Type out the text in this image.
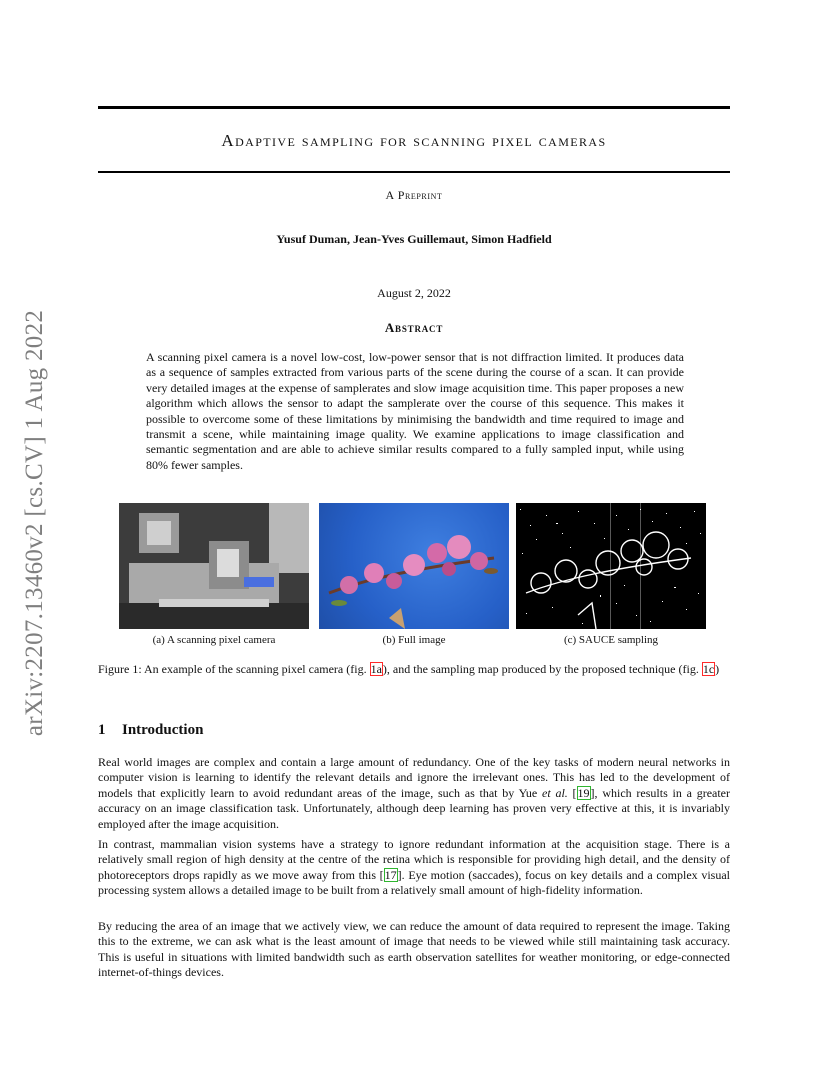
arXiv:2207.13460v2 [cs.CV] 1 Aug 2022
Adaptive sampling for scanning pixel cameras
A Preprint
Yusuf Duman, Jean-Yves Guillemaut, Simon Hadfield
August 2, 2022
Abstract

A scanning pixel camera is a novel low-cost, low-power sensor that is not diffraction limited. It produces data as a sequence of samples extracted from various parts of the scene during the course of a scan. It can provide very detailed images at the expense of samplerates and slow image acquisition time. This paper proposes a new algorithm which allows the sensor to adapt the samplerate over the course of this sequence. This makes it possible to overcome some of these limitations by minimising the bandwidth and time required to image and transmit a scene, while maintaining image quality. We examine applications to image classification and semantic segmentation and are able to achieve similar results compared to a fully sampled input, while using 80% fewer samples.

(a) A scanning pixel camera	(b) Full image	(c) SAUCE sampling

Figure 1: An example of the scanning pixel camera (fig. 1a), and the sampling map produced by the proposed technique (fig. 1c)

1 Introduction

Real world images are complex and contain a large amount of redundancy. One of the key tasks of modern neural networks in computer vision is learning to identify the relevant details and ignore the irrelevant ones. This has led to the development of models that explicitly learn to avoid redundant areas of the image, such as that by Yue et al. [19], which results in a greater accuracy on an image classification task. Unfortunately, although deep learning has proven very effective at this, it is invariably employed after the image acquisition.

In contrast, mammalian vision systems have a strategy to ignore redundant information at the acquisition stage. There is a relatively small region of high density at the centre of the retina which is responsible for providing high detail, and the density of photoreceptors drops rapidly as we move away from this [17]. Eye motion (saccades), focus on key details and a complex visual processing system allows a detailed image to be built from a relatively small amount of high-fidelity information.

By reducing the area of an image that we actively view, we can reduce the amount of data required to represent the image. Taking this to the extreme, we can ask what is the least amount of image that needs to be viewed while still maintaining task accuracy. This is useful in situations with limited bandwidth such as earth observation satellites for weather monitoring, or edge-connected internet-of-things devices.
